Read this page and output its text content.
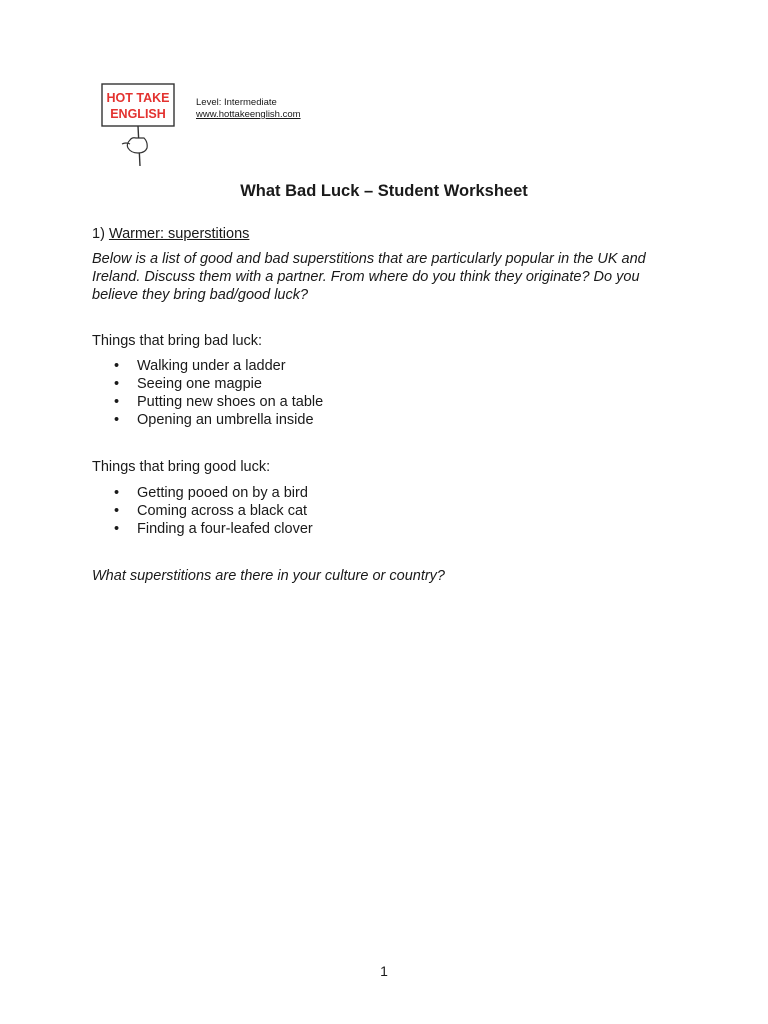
HOT TAKE
ENGLISH
Level: Intermediate
www.hottakeenglish.com
What Bad Luck – Student Worksheet
1) Warmer: superstitions
Below is a list of good and bad superstitions that are particularly popular in the UK and Ireland. Discuss them with a partner. From where do you think they originate? Do you believe they bring bad/good luck?
Things that bring bad luck:
• Walking under a ladder
• Seeing one magpie
• Putting new shoes on a table
• Opening an umbrella inside
Things that bring good luck:
• Getting pooed on by a bird
• Coming across a black cat
• Finding a four-leafed clover
What superstitions are there in your culture or country?
1
